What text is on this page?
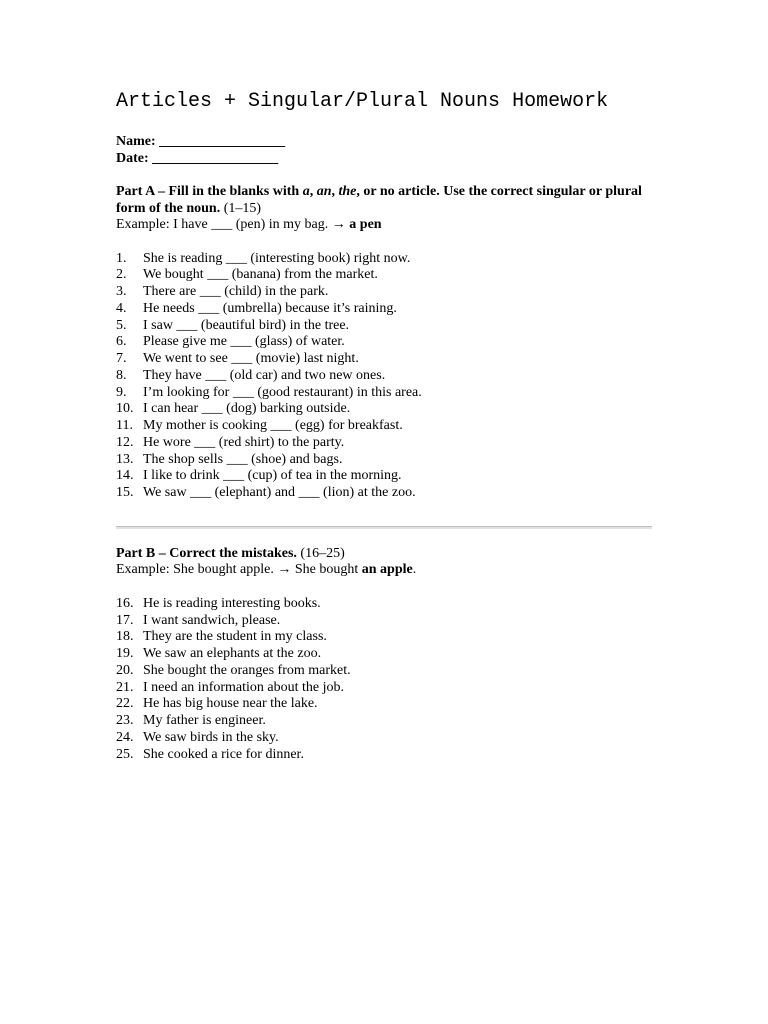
Articles + Singular/Plural Nouns Homework
Name: __________________
Date: __________________
Part A – Fill in the blanks with a, an, the, or no article. Use the correct singular or plural form of the noun. (1–15)
Example: I have ___ (pen) in my bag. → a pen
1. She is reading ___ (interesting book) right now.
2. We bought ___ (banana) from the market.
3. There are ___ (child) in the park.
4. He needs ___ (umbrella) because it’s raining.
5. I saw ___ (beautiful bird) in the tree.
6. Please give me ___ (glass) of water.
7. We went to see ___ (movie) last night.
8. They have ___ (old car) and two new ones.
9. I’m looking for ___ (good restaurant) in this area.
10. I can hear ___ (dog) barking outside.
11. My mother is cooking ___ (egg) for breakfast.
12. He wore ___ (red shirt) to the party.
13. The shop sells ___ (shoe) and bags.
14. I like to drink ___ (cup) of tea in the morning.
15. We saw ___ (elephant) and ___ (lion) at the zoo.
Part B – Correct the mistakes. (16–25)
Example: She bought apple. → She bought an apple.
16. He is reading interesting books.
17. I want sandwich, please.
18. They are the student in my class.
19. We saw an elephants at the zoo.
20. She bought the oranges from market.
21. I need an information about the job.
22. He has big house near the lake.
23. My father is engineer.
24. We saw birds in the sky.
25. She cooked a rice for dinner.
